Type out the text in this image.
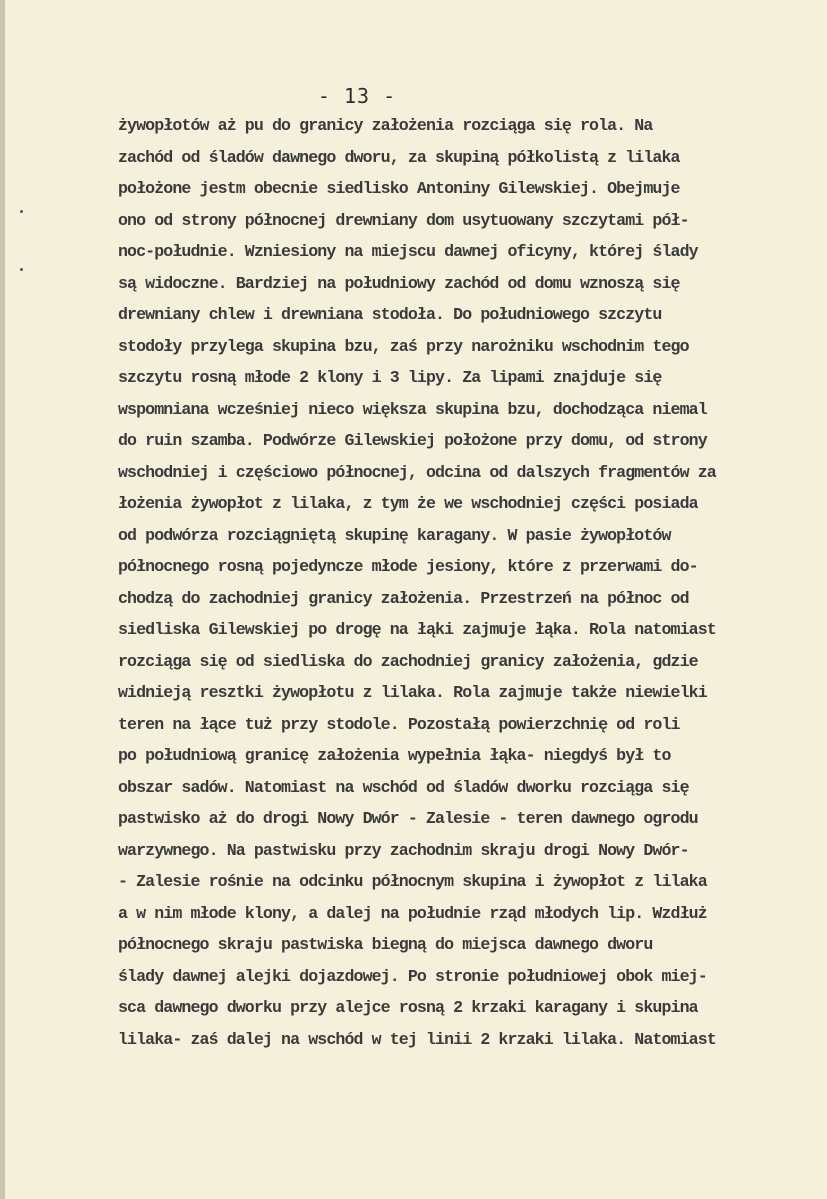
- 13 -
żywopłotów aż pu do granicy założenia rozciąga się rola. Na
zachód od śladów dawnego dworu, za skupiną półkolistą z lilaka
położone jestm obecnie siedlisko Antoniny Gilewskiej. Obejmuje
ono od strony północnej drewniany dom usytuowany szczytami pół-
noc-południe. Wzniesiony na miejscu dawnej oficyny, której ślady
są widoczne. Bardziej na południowy zachód od domu wznoszą się
drewniany chlew i drewniana stodoła. Do południowego szczytu
stodoły przylega skupina bzu, zaś przy narożniku wschodnim tego
szczytu rosną młode 2 klony i 3 lipy. Za lipami znajduje się
wspomniana wcześniej nieco większa skupina bzu, dochodząca niemal
do ruin szamba. Podwórze Gilewskiej położone przy domu, od strony
wschodniej i częściowo północnej, odcina od dalszych fragmentów za
łożenia żywopłot z lilaka, z tym że we wschodniej części posiada
od podwórza rozciągniętą skupinę karagany. W pasie żywopłotów
północnego rosną pojedyncze młode jesiony, które z przerwami do-
chodzą do zachodniej granicy założenia. Przestrzeń na północ od
siedliska Gilewskiej po drogę na łąki zajmuje łąka. Rola natomiast
rozciąga się od siedliska do zachodniej granicy założenia, gdzie
widnieją resztki żywopłotu z lilaka. Rola zajmuje także niewielki
teren na łące tuż przy stodole. Pozostałą powierzchnię od roli
po południową granicę założenia wypełnia łąka- niegdyś był to
obszar sadów. Natomiast na wschód od śladów dworku rozciąga się
pastwisko aż do drogi Nowy Dwór - Zalesie - teren dawnego ogrodu
warzywnego. Na pastwisku przy zachodnim skraju drogi Nowy Dwór-
- Zalesie rośnie na odcinku północnym skupina i żywopłot z lilaka
a w nim młode klony, a dalej na południe rząd młodych lip. Wzdłuż
północnego skraju pastwiska biegną do miejsca dawnego dworu
ślady dawnej alejki dojazdowej. Po stronie południowej obok miej-
sca dawnego dworku przy alejce rosną 2 krzaki karagany i skupina
lilaka- zaś dalej na wschód w tej linii 2 krzaki lilaka. Natomiast
